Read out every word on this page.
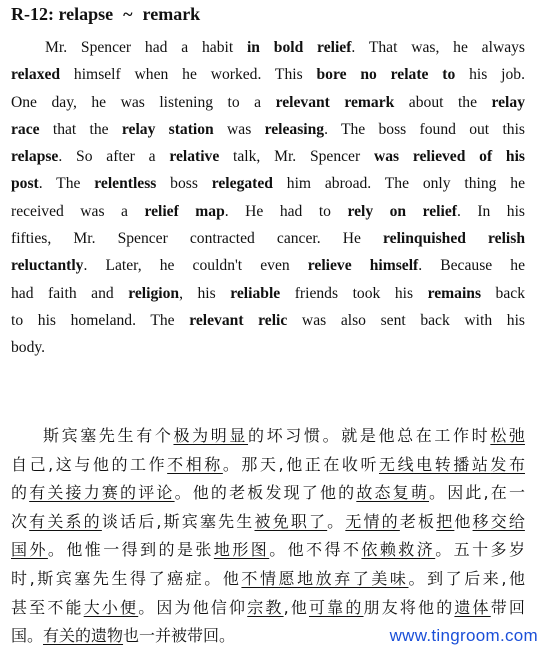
R-12: relapse ~ remark
Mr. Spencer had a habit in bold relief. That was, he always
relaxed himself when he worked. This bore no relate to his job.
One day, he was listening to a relevant remark about the relay
race that the relay station was releasing. The boss found out this
relapse. So after a relative talk, Mr. Spencer was relieved of his
post. The relentless boss relegated him abroad. The only thing he
received was a relief map. He had to rely on relief. In his
fifties, Mr. Spencer contracted cancer. He relinquished relish
reluctantly. Later, he couldn't even relieve himself. Because he
had faith and religion, his reliable friends took his remains back
to his homeland. The relevant relic was also sent back with his
body.
斯宾塞先生有个极为明显的坏习惯。就是他总在工作时松弛
自己,这与他的工作不相称。那天,他正在收听无线电转播站发布
的有关接力赛的评论。他的老板发现了他的故态复萌。因此,在一
次有关系的谈话后,斯宾塞先生被免职了。无情的老板把他移交给
国外。他惟一得到的是张地形图。他不得不依赖救济。五十多岁
时,斯宾塞先生得了癌症。他不情愿地放弃了美味。到了后来,他
甚至不能大小便。因为他信仰宗教,他可靠的朋友将他的遗体带回
国。有关的遗物也一并被带回。	www.tingroom.com
